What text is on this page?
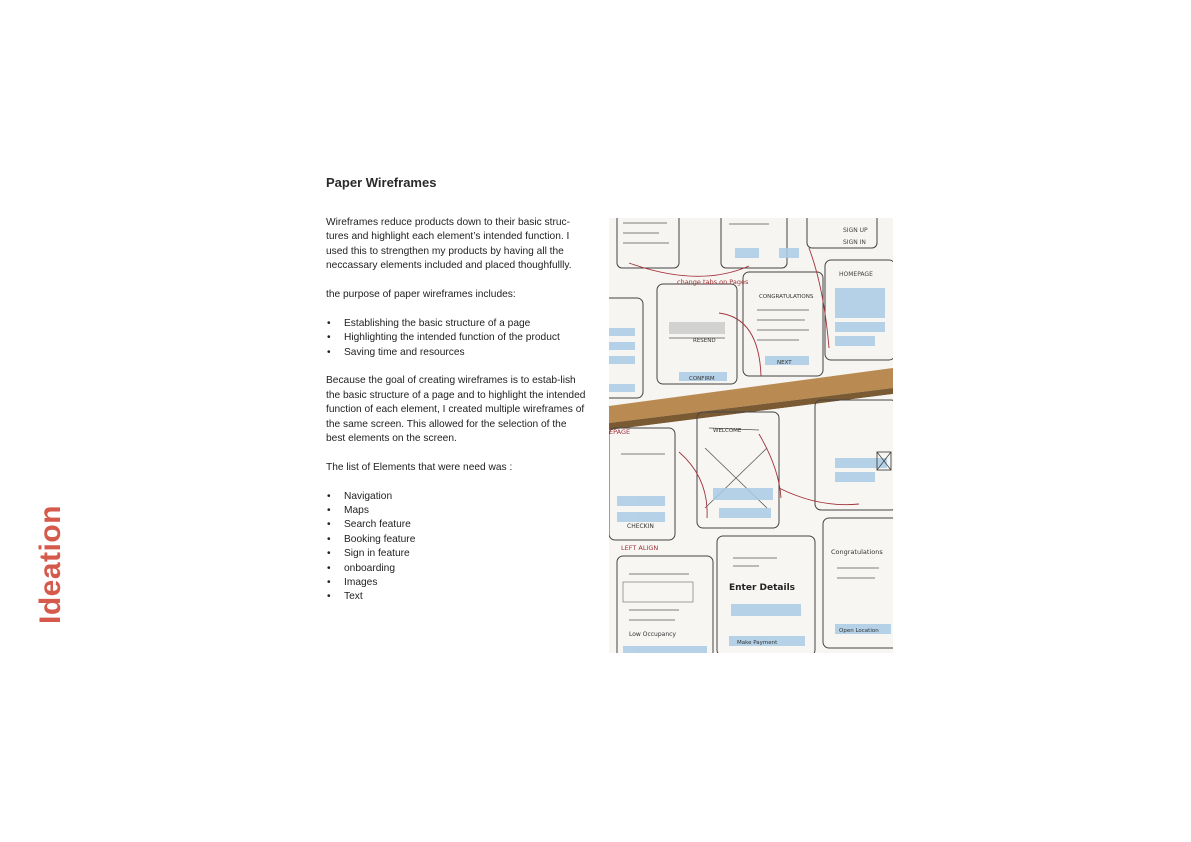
Ideation
Paper Wireframes

Wireframes reduce products down to their basic struc-tures and highlight each element’s intended function. I used this to strengthen my products by having all the neccassary elements included and placed thoughfullly.

the purpose of paper wireframes includes:

• Establishing the basic structure of a page
• Highlighting the intended function of the product
• Saving time and resources

Because the goal of creating wireframes is to estab-lish the basic structure of a page and to highlight the intended function of each element, I created multiple wireframes of the same screen. This allowed for the selection of the best elements on the screen.

The list of Elements that were need was :

• Navigation
• Maps
• Search feature
• Booking feature
• Sign in feature
• onboarding
• Images
• Text
change tabs on Pages
HOMEPAGE
SIGN UP
SIGN IN
CONGRATULATIONS
RESEND
CONFIRM
NEXT
EPAGE
LEFT ALIGN
CHECKIN
WELCOME
Enter Details
Make Payment
Congratulations
Low Occupancy	Open Location
